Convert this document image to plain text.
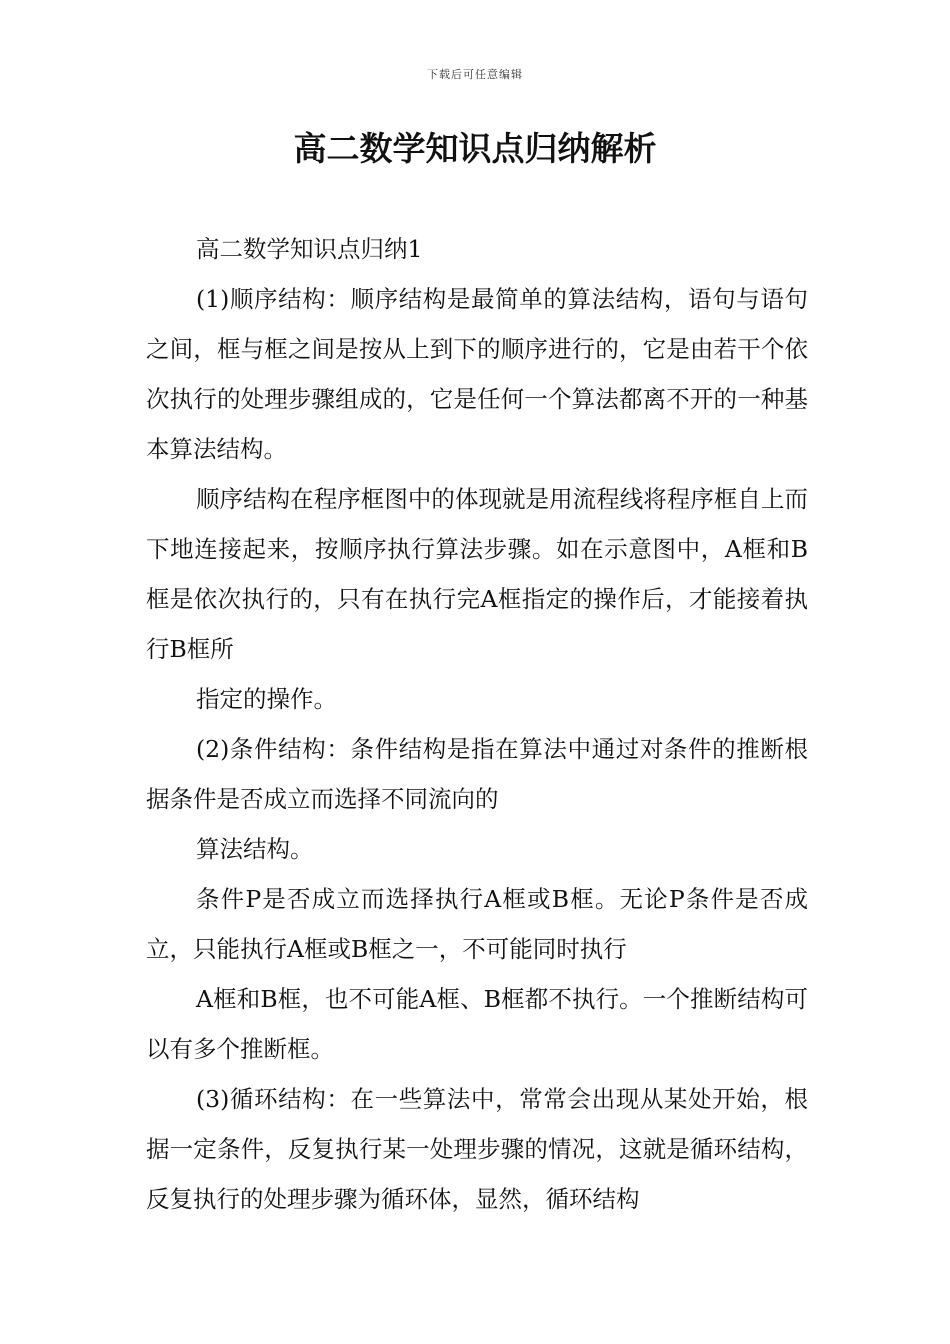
下载后可任意编辑
高二数学知识点归纳解析

高二数学知识点归纳1

(1)顺序结构：顺序结构是最简单的算法结构，语句与语句之间，框与框之间是按从上到下的顺序进行的，它是由若干个依次执行的处理步骤组成的，它是任何一个算法都离不开的一种基本算法结构。

顺序结构在程序框图中的体现就是用流程线将程序框自上而下地连接起来，按顺序执行算法步骤。如在示意图中，A框和B框是依次执行的，只有在执行完A框指定的操作后，才能接着执行B框所

指定的操作。

(2)条件结构：条件结构是指在算法中通过对条件的推断根据条件是否成立而选择不同流向的

算法结构。

条件P是否成立而选择执行A框或B框。无论P条件是否成立，只能执行A框或B框之一，不可能同时执行

A框和B框，也不可能A框、B框都不执行。一个推断结构可以有多个推断框。

(3)循环结构：在一些算法中，常常会出现从某处开始，根据一定条件，反复执行某一处理步骤的情况，这就是循环结构，反复执行的处理步骤为循环体，显然，循环结构
